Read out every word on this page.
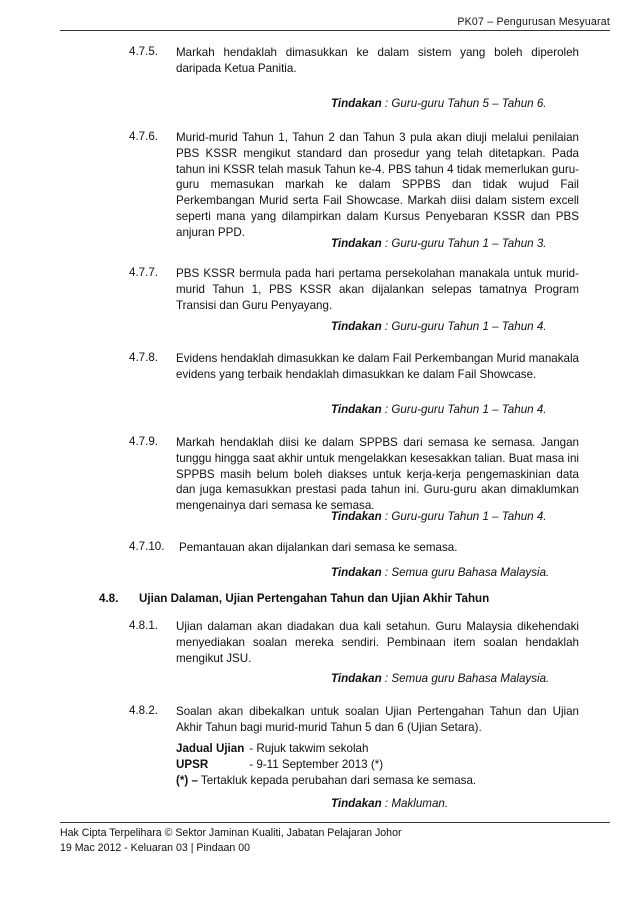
PK07 – Pengurusan Mesyuarat
4.7.5. Markah hendaklah dimasukkan ke dalam sistem yang boleh diperoleh daripada Ketua Panitia.
Tindakan : Guru-guru Tahun 5 – Tahun 6.
4.7.6. Murid-murid Tahun 1, Tahun 2 dan Tahun 3 pula akan diuji melalui penilaian PBS KSSR mengikut standard dan prosedur yang telah ditetapkan. Pada tahun ini KSSR telah masuk Tahun ke-4. PBS tahun 4 tidak memerlukan guru-guru memasukan markah ke dalam SPPBS dan tidak wujud Fail Perkembangan Murid serta Fail Showcase. Markah diisi dalam sistem excell seperti mana yang dilampirkan dalam Kursus Penyebaran KSSR dan PBS anjuran PPD.
Tindakan : Guru-guru Tahun 1 – Tahun 3.
4.7.7. PBS KSSR bermula pada hari pertama persekolahan manakala untuk murid-murid Tahun 1, PBS KSSR akan dijalankan selepas tamatnya Program Transisi dan Guru Penyayang.
Tindakan : Guru-guru Tahun 1 – Tahun 4.
4.7.8. Evidens hendaklah dimasukkan ke dalam Fail Perkembangan Murid manakala evidens yang terbaik hendaklah dimasukkan ke dalam Fail Showcase.
Tindakan : Guru-guru Tahun 1 – Tahun 4.
4.7.9. Markah hendaklah diisi ke dalam SPPBS dari semasa ke semasa. Jangan tunggu hingga saat akhir untuk mengelakkan kesesakkan talian. Buat masa ini SPPBS masih belum boleh diakses untuk kerja-kerja pengemaskinian data dan juga kemasukkan prestasi pada tahun ini. Guru-guru akan dimaklumkan mengenainya dari semasa ke semasa.
Tindakan : Guru-guru Tahun 1 – Tahun 4.
4.7.10. Pemantauan akan dijalankan dari semasa ke semasa.
Tindakan : Semua guru Bahasa Malaysia.
4.8. Ujian Dalaman, Ujian Pertengahan Tahun dan Ujian Akhir Tahun
4.8.1. Ujian dalaman akan diadakan dua kali setahun. Guru Malaysia dikehendaki menyediakan soalan mereka sendiri. Pembinaan item soalan hendaklah mengikut JSU.
Tindakan : Semua guru Bahasa Malaysia.
4.8.2. Soalan akan dibekalkan untuk soalan Ujian Pertengahan Tahun dan Ujian Akhir Tahun bagi murid-murid Tahun 5 dan 6 (Ujian Setara).
Jadual Ujian - Rujuk takwim sekolah
UPSR	- 9-11 September 2013 (*)
(*) – Tertakluk kepada perubahan dari semasa ke semasa.
Tindakan : Makluman.
Hak Cipta Terpelihara © Sektor Jaminan Kualiti, Jabatan Pelajaran Johor
19 Mac 2012 - Keluaran 03 | Pindaan 00
